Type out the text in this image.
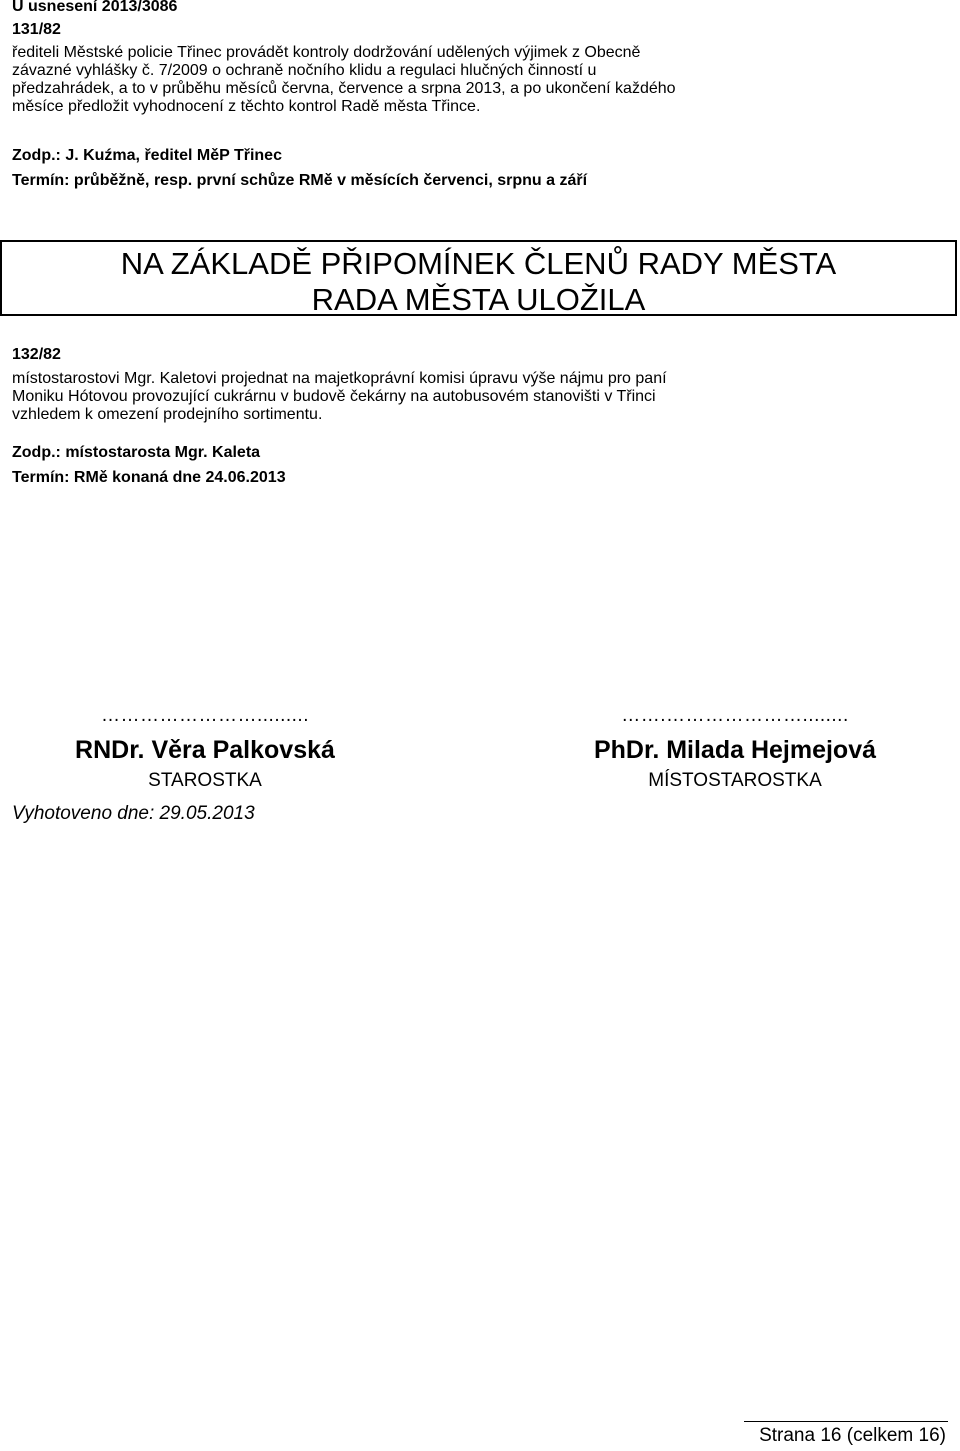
U usnesení 2013/3086
131/82
řediteli Městské policie Třinec provádět kontroly dodržování udělených výjimek z Obecně
závazné vyhlášky č. 7/2009 o ochraně nočního klidu a regulaci hlučných činností u
předzahrádek, a to v průběhu měsíců června, července a srpna 2013, a po ukončení každého
měsíce předložit vyhodnocení z těchto kontrol Radě města Třince.
Zodp.: J. Kuźma, ředitel MěP Třinec
Termín: průběžně, resp. první schůze RMě v měsících červenci, srpnu a září
NA ZÁKLADĚ PŘIPOMÍNEK ČLENŮ RADY MĚSTA
RADA MĚSTA ULOŽILA
132/82
místostarostovi Mgr. Kaletovi projednat na majetkoprávní komisi úpravu výše nájmu pro paní
Moniku Hótovou provozující cukrárnu v budově čekárny na autobusovém stanovišti v Třinci
vzhledem k omezení prodejního sortimentu.
Zodp.: místostarosta Mgr. Kaleta
Termín: RMě konaná dne 24.06.2013
…………………….........
RNDr. Věra Palkovská
STAROSTKA
…….…………………........
PhDr. Milada Hejmejová
MÍSTOSTAROSTKA
Vyhotoveno dne: 29.05.2013
Strana 16 (celkem 16)
